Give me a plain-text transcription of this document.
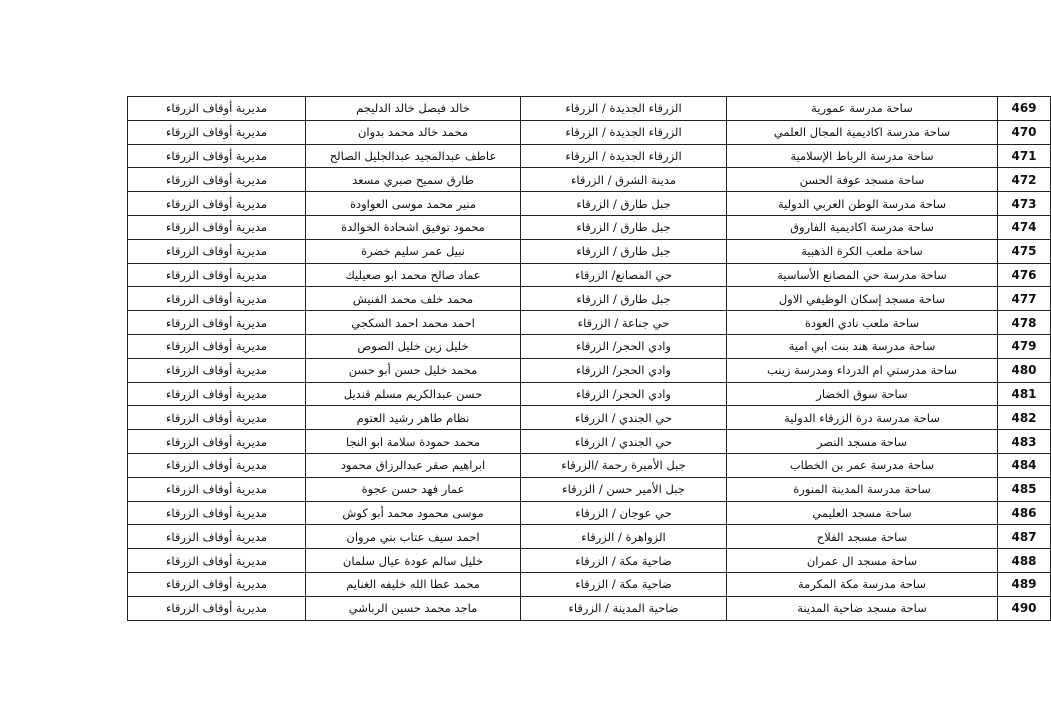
469	ساحة مدرسة عمورية	الزرقاء الجديدة / الزرقاء	خالد فيصل خالد الدليجم	مديرية أوقاف الزرقاء
470	ساحة مدرسة اكاديمية المجال العلمي	الزرقاء الجديدة / الزرقاء	محمد خالد محمد بدوان	مديرية أوقاف الزرقاء
471	ساحة مدرسة الرباط الإسلامية	الزرقاء الجديدة / الزرقاء	عاطف عبدالمجيد عبدالجليل الصالح	مديرية أوقاف الزرقاء
472	ساحة مسجد عوفة الحسن	مدينة الشرق / الزرقاء	طارق سميح صبري مسعد	مديرية أوقاف الزرقاء
473	ساحة مدرسة الوطن العربي الدولية	جبل طارق / الزرقاء	منير محمد موسى العواودة	مديرية أوقاف الزرقاء
474	ساحة مدرسة اكاديمية الفاروق	جبل طارق / الزرقاء	محمود توفيق اشحادة الخوالدة	مديرية أوقاف الزرقاء
475	ساحة ملعب الكرة الذهبية	جبل طارق / الزرقاء	نبيل عمر سليم خضرة	مديرية أوقاف الزرقاء
476	ساحة مدرسة حي المصانع الأساسية	حي المصانع/ الزرقاء	عماد صالح محمد ابو صعيليك	مديرية أوقاف الزرقاء
477	ساحة مسجد إسكان الوظيفي الاول	جبل طارق / الزرقاء	محمد خلف محمد الفنيش	مديرية أوقاف الزرقاء
478	ساحة ملعب نادي العودة	حي جناعة / الزرقاء	احمد محمد احمد السكجي	مديرية أوقاف الزرقاء
479	ساحة مدرسة هند بنت ابي امية	وادي الحجر/ الزرقاء	خليل زبن خليل الصوص	مديرية أوقاف الزرقاء
480	ساحة مدرستي ام الدرداء ومدرسة زينب	وادي الحجر/ الزرقاء	محمد خليل حسن أبو حسن	مديرية أوقاف الزرقاء
481	ساحة سوق الخضار	وادي الحجر/ الزرقاء	حسن عبدالكريم مسلم قنديل	مديرية أوقاف الزرقاء
482	ساحة مدرسة درة الزرقاء الدولية	حي الجندي / الزرقاء	نظام طاهر رشيد العتوم	مديرية أوقاف الزرقاء
483	ساحة مسجد النصر	حي الجندي / الزرقاء	محمد حمودة سلامة ابو النجا	مديرية أوقاف الزرقاء
484	ساحة مدرسة عمر بن الخطاب	جبل الأميرة رحمة /الزرقاء	ابراهيم صقر عبدالرزاق محمود	مديرية أوقاف الزرقاء
485	ساحة مدرسة المدينة المنورة	جبل الأمير حسن / الزرقاء	عمار فهد حسن عجوة	مديرية أوقاف الزرقاء
486	ساحة مسجد العليمي	حي عوجان / الزرقاء	موسى محمود محمد أبو كوش	مديرية أوقاف الزرقاء
487	ساحة مسجد الفلاح	الزواهرة / الزرقاء	احمد سيف عتاب بني مروان	مديرية أوقاف الزرقاء
488	ساحة مسجد ال عمران	ضاحية مكة / الزرقاء	خليل سالم عودة عيال سلمان	مديرية أوقاف الزرقاء
489	ساحة مدرسة مكة المكرمة	ضاحية مكة / الزرقاء	محمد عطا الله خليفه الغنايم	مديرية أوقاف الزرقاء
490	ساحة مسجد ضاحية المدينة	ضاحية المدينة / الزرقاء	ماجد محمد حسين الرباشي	مديرية أوقاف الزرقاء
